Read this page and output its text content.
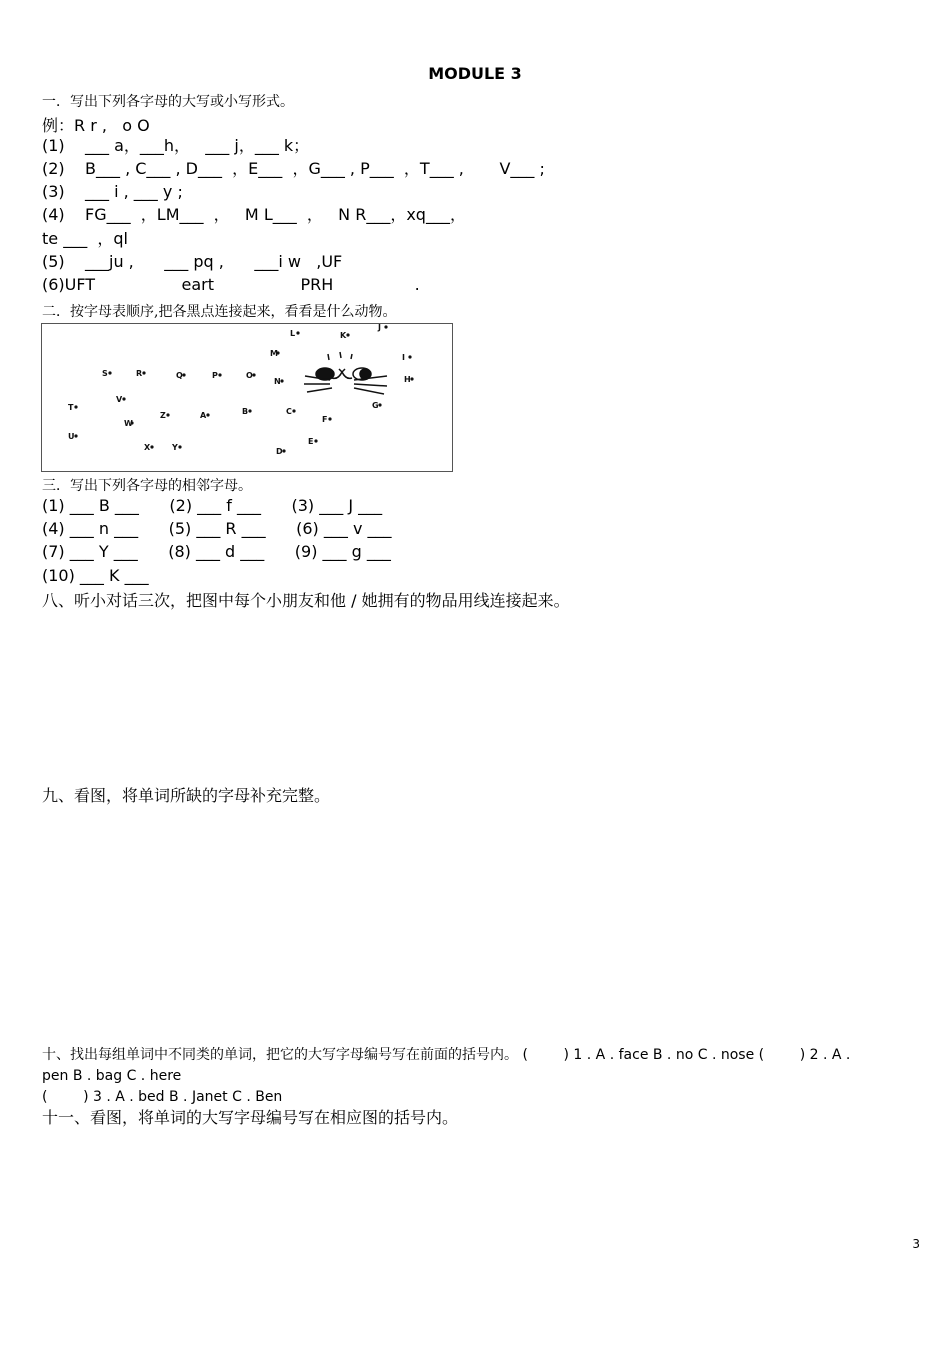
MODULE 3
一．写出下列各字母的大写或小写形式。
例：R r ,   o O
(1)    ___ a，___h，   ___ j，___ k；
(2)    B___ , C___ , D___  ，E___  ，G___ , P___  ，T___ ,       V___ ;
(3)    ___ i , ___ y ;
(4)    FG___  ，LM___  ，   M L___  ，   N R___，xq___，
te ___  ，ql
(5)    ___ju ,      ___ pq ,      ___i w   ,UF
(6)UFT                 eart                 PRH                .
二．按字母表顺序,把各黑点连接起来，看看是什么动物。
L	K
J
M	I
H
N
G
S	R	Q	P	O
T
V
W
Z	A	B	C
F
U
X	Y	D
E
三．写出下列各字母的相邻字母。
(1) ___ B ___      (2) ___ f ___      (3) ___ J ___
(4) ___ n ___      (5) ___ R ___      (6) ___ v ___
(7) ___ Y ___      (8) ___ d ___      (9) ___ g ___
(10) ___ K ___
八、听小对话三次，把图中每个小朋友和他 / 她拥有的物品用线连接起来。
九、看图，将单词所缺的字母补充完整。
十、找出每组单词中不同类的单词，把它的大写字母编号写在前面的括号内。 (        ) 1 . A . face B . no C . nose (        ) 2 . A .
pen B . bag C . here
(        ) 3 . A . bed B . Janet C . Ben
十一、看图，将单词的大写字母编号写在相应图的括号内。
3
